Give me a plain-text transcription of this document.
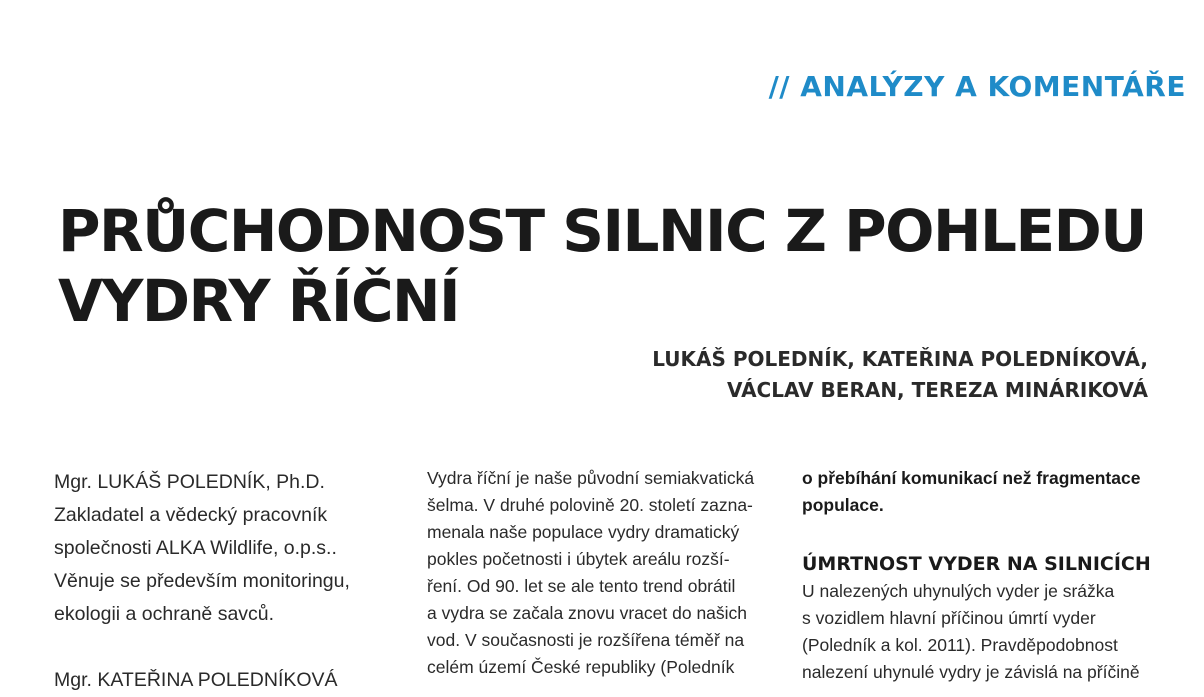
// ANALÝZY A KOMENTÁŘE
PRŮCHODNOST SILNIC Z POHLEDU
VYDRY ŘÍČNÍ
LUKÁŠ POLEDNÍK, KATEŘINA POLEDNÍKOVÁ,
VÁCLAV BERAN, TEREZA MINÁRIKOVÁ

Mgr. LUKÁŠ POLEDNÍK, Ph.D.
Zakladatel a vědecký pracovník
společnosti ALKA Wildlife, o.p.s..
Věnuje se především monitoringu,
ekologii a ochraně savců.

Mgr. KATEŘINA POLEDNÍKOVÁ

Vydra říční je naše původní semiakvatická
šelma. V druhé polovině 20. století zazna-
menala naše populace vydry dramatický
pokles početnosti i úbytek areálu rozší-
ření. Od 90. let se ale tento trend obrátil
a vydra se začala znovu vracet do našich
vod. V současnosti je rozšířena téměř na
celém území České republiky (Poledník
o přebíhání komunikací než fragmentace
populace.
ÚMRTNOST VYDER NA SILNICÍCH
U nalezených uhynulých vyder je srážka
s vozidlem hlavní příčinou úmrtí vyder
(Poledník a kol. 2011). Pravděpodobnost
nalezení uhynulé vydry je závislá na příčině
